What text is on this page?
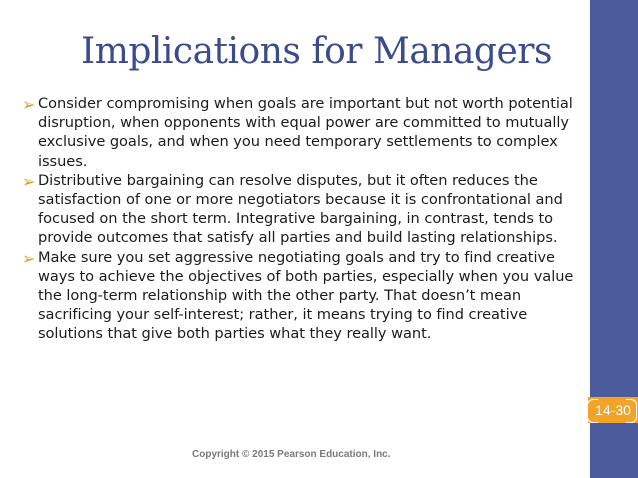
Implications for Managers
➢ Consider compromising when goals are important but not worth potential disruption, when opponents with equal power are committed to mutually exclusive goals, and when you need temporary settlements to complex issues.
➢ Distributive bargaining can resolve disputes, but it often reduces the satisfaction of one or more negotiators because it is confrontational and focused on the short term. Integrative bargaining, in contrast, tends to provide outcomes that satisfy all parties and build lasting relationships.
➢ Make sure you set aggressive negotiating goals and try to find creative ways to achieve the objectives of both parties, especially when you value the long-term relationship with the other party. That doesn’t mean sacrificing your self-interest; rather, it means trying to find creative solutions that give both parties what they really want.
14-30
Copyright © 2015 Pearson Education, Inc.
